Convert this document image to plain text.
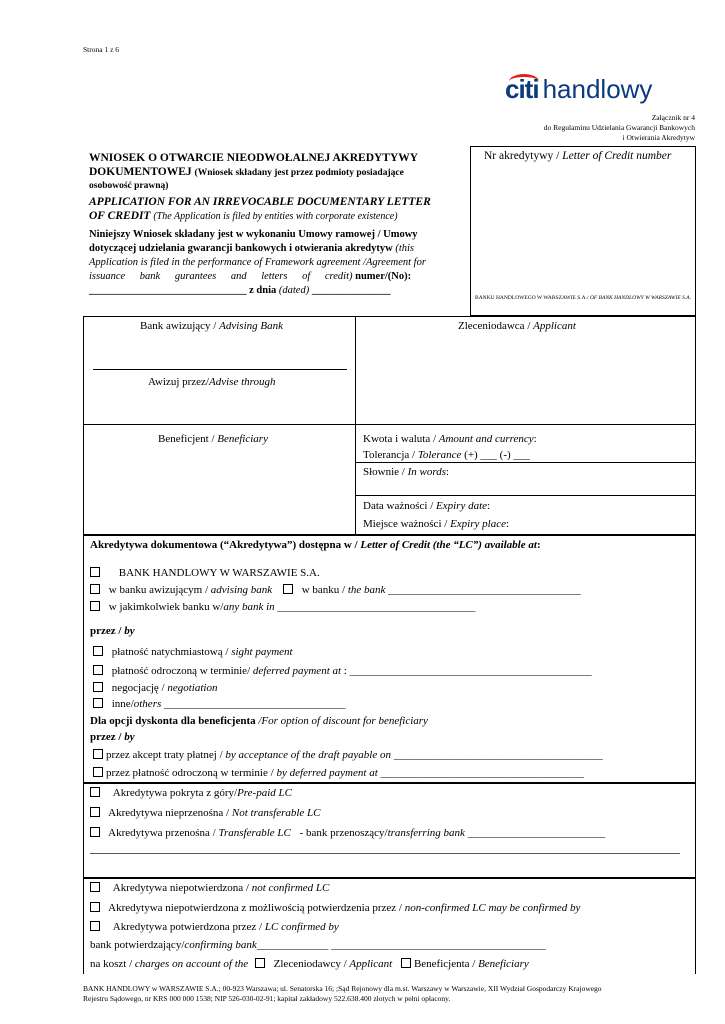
Strona 1 z 6
citi handlowy
Załącznik nr 4
do Regulaminu Udzielania Gwarancji Bankowych
i Otwierania Akredytyw
WNIOSEK O OTWARCIE NIEODWOŁALNEJ AKREDYTYWY
DOKUMENTOWEJ (Wniosek składany jest przez podmioty posiadające
osobowość prawną)
APPLICATION FOR AN IRREVOCABLE DOCUMENTARY LETTER
OF CREDIT (The Application is filed by entities with corporate existence)
Niniejszy Wniosek składany jest w wykonaniu Umowy ramowej / Umowy
dotyczącej udzielania gwarancji bankowych i otwierania akredytyw (this
Application is filed in the performance of Framework agreement /Agreement for
issuance bank gurantees and letters of credit) numer/(No):
______________________________ z dnia (dated) _______________
Nr akredytywy / Letter of Credit number
BANKU HANDLOWEGO W WARSZAWIE S.A./ OF BANK HANDLOWY W WARSZAWIE S.A.
Bank awizujący / Advising Bank
Awizuj przez/Advise through
Zleceniodawca / Applicant
Beneficjent / Beneficiary	Kwota i waluta / Amount and currency:
Tolerancja / Tolerance (+) ___ (-) ___
Słownie / In words:
Data ważności / Expiry date:
Miejsce ważności / Expiry place:
Akredytywa dokumentowa (“Akredytywa”) dostępna w / Letter of Credit (the “LC”) available at:
BANK HANDLOWY W WARSZAWIE S.A.
w banku awizującym / advising bank	w banku / the bank ___________________________________
w jakimkolwiek banku w/any bank in ____________________________________
przez / by
płatność natychmiastową / sight payment
płatność odroczoną w terminie/ deferred payment at : ____________________________________________
negocjację / negotiation
inne/others _________________________________
Dla opcji dyskonta dla beneficjenta /For option of discount for beneficiary
przez / by
przez akcept traty płatnej / by acceptance of the draft payable on ______________________________________
przez płatność odroczoną w terminie / by deferred payment at _____________________________________
Akredytywa pokryta z góry/Pre-paid LC
Akredytywa nieprzenośna / Not transferable LC
Akredytywa przenośna / Transferable LC - bank przenoszący/transferring bank _________________________
Akredytywa niepotwierdzona / not confirmed LC
Akredytywa niepotwierdzona z możliwością potwierdzenia przez / non-confirmed LC may be confirmed by
Akredytywa potwierdzona przez / LC confirmed by
bank potwierdzający/confirming bank_____________ _______________________________________
na koszt / charges on account of the Zleceniodawcy / Applicant Beneficjenta / Beneficiary
BANK HANDLOWY w WARSZAWIE S.A.; 00-923 Warszawa; ul. Senatorska 16; ;Sąd Rejonowy dla m.st. Warszawy w Warszawie, XII Wydział Gospodarczy Krajowego
Rejestru Sądowego, nr KRS 000 000 1538; NIP 526-030-02-91; kapitał zakładowy 522.638.400 złotych w pełni opłacony.
